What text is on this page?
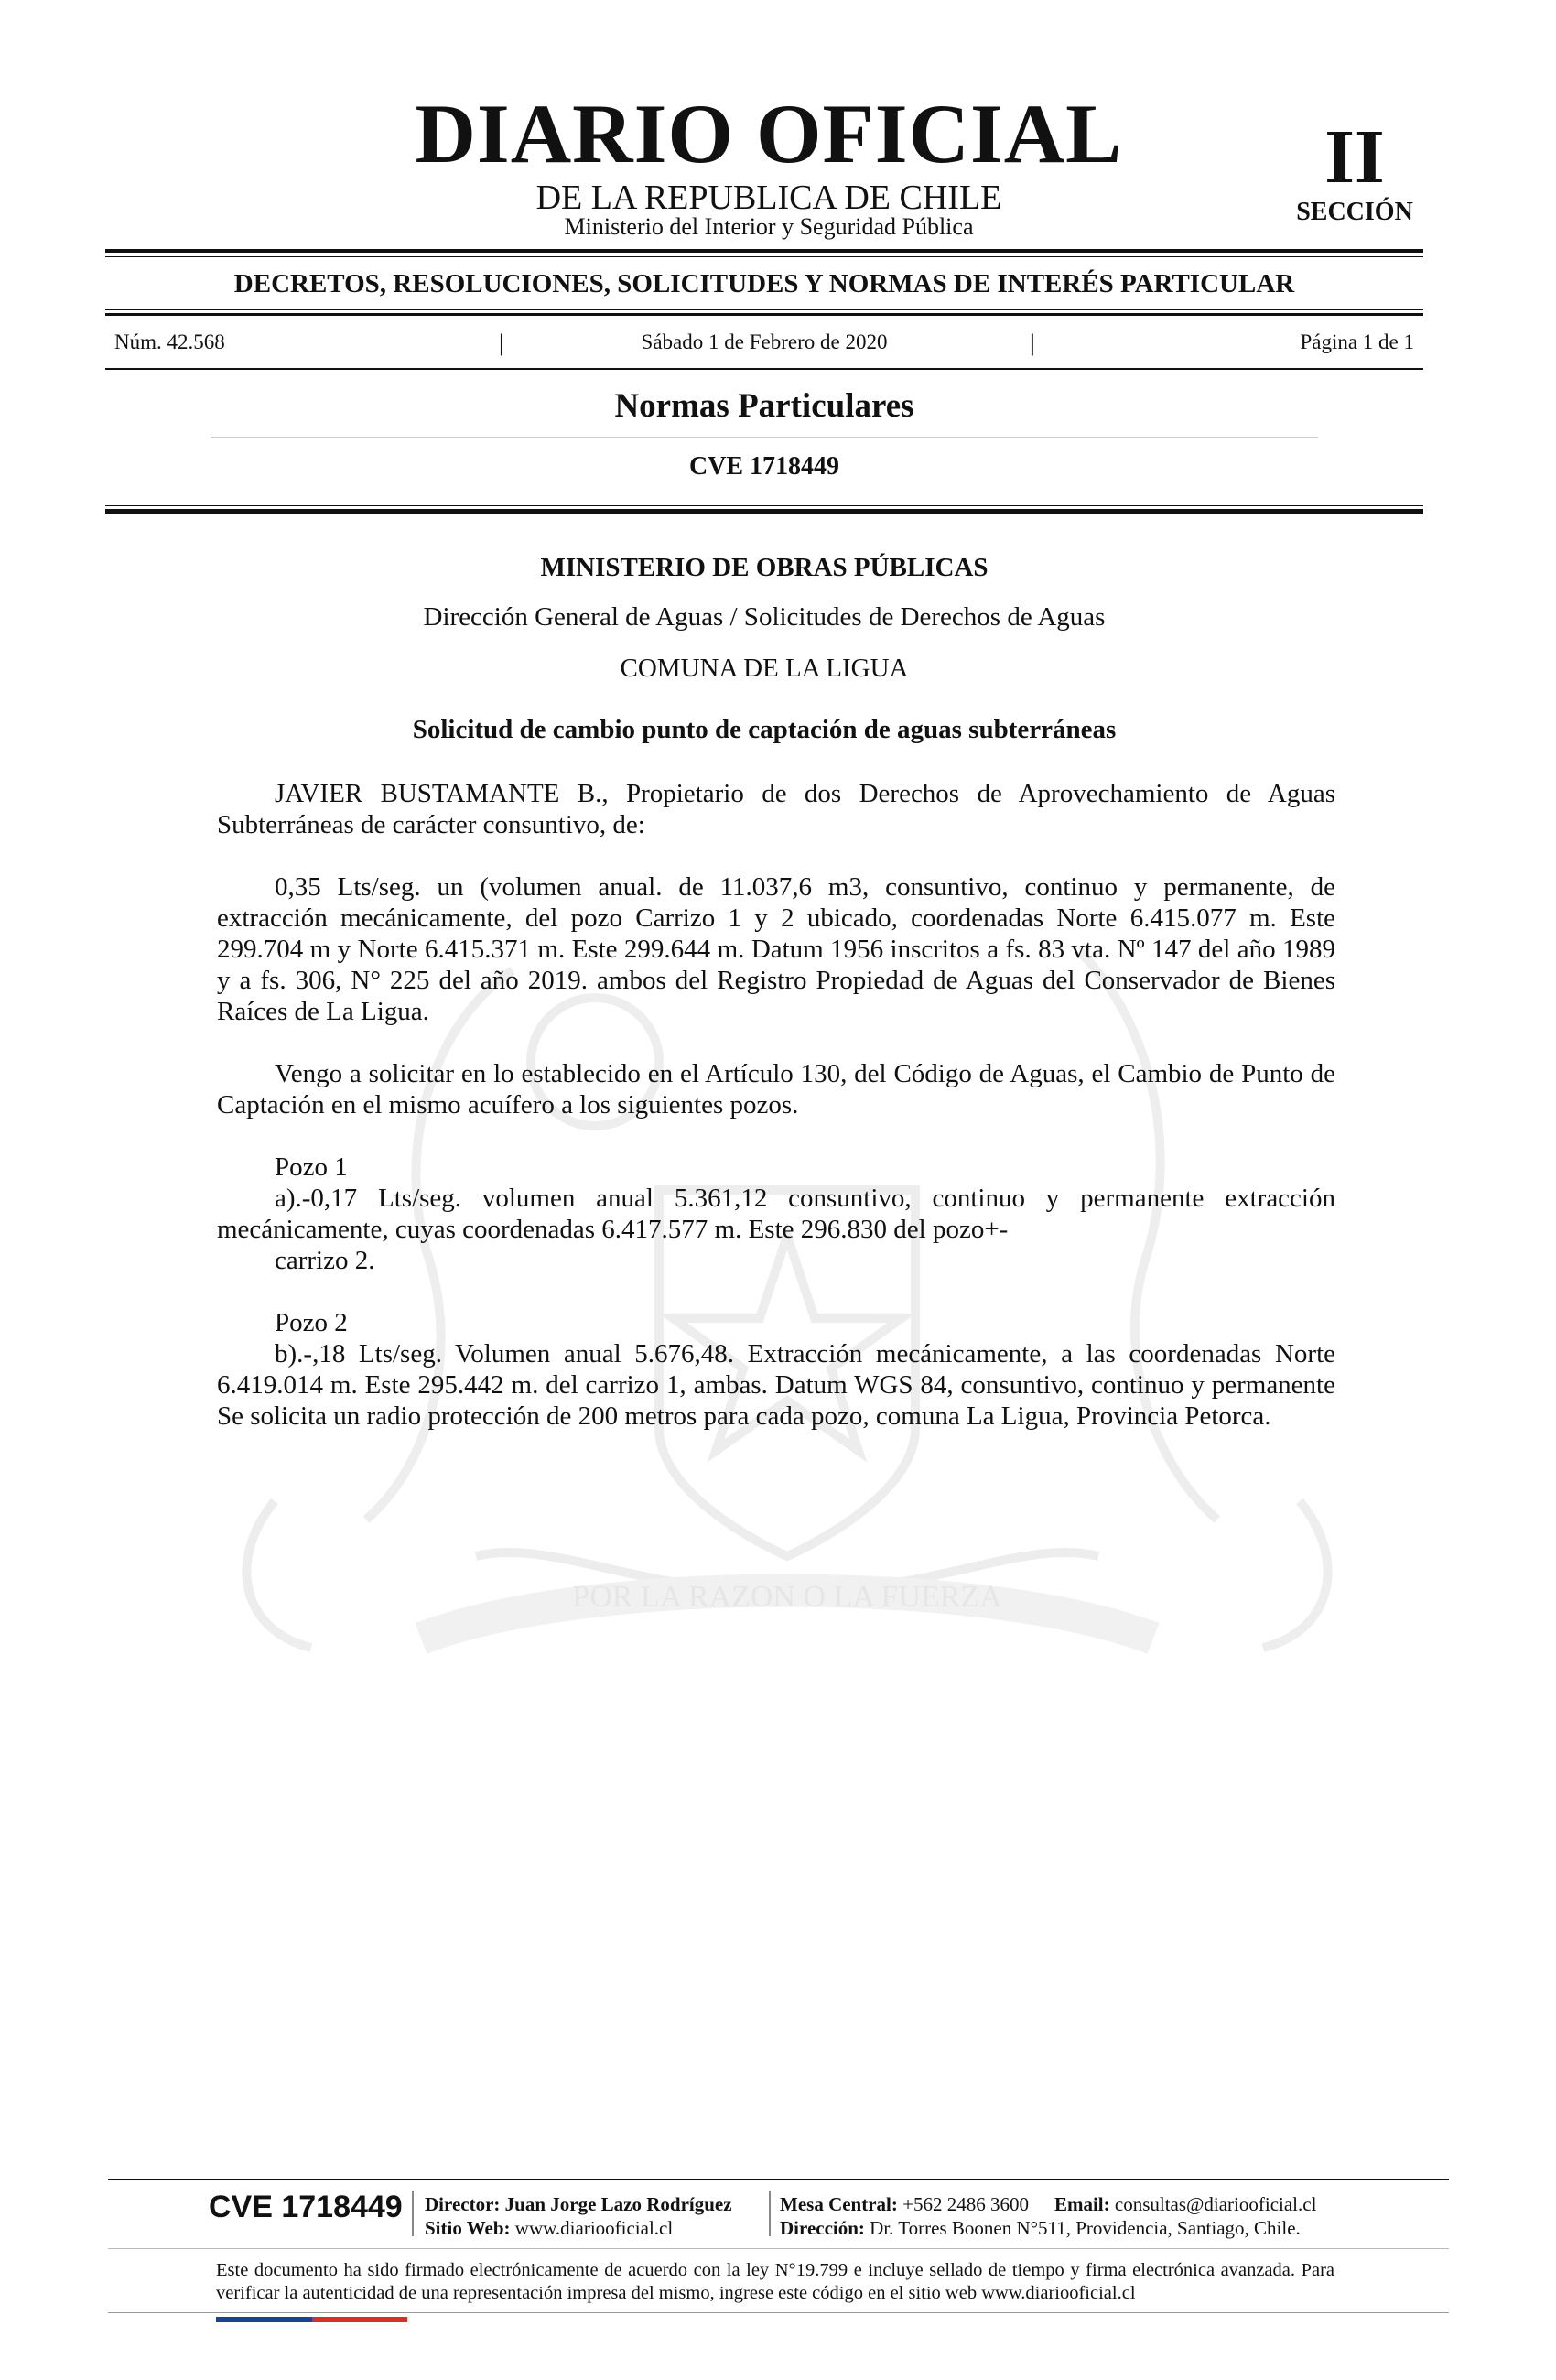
POR LA RAZON O LA FUERZA
DIARIO OFICIAL
DE LA REPUBLICA DE CHILE
Ministerio del Interior y Seguridad Pública
II
SECCIÓN
DECRETOS, RESOLUCIONES, SOLICITUDES Y NORMAS DE INTERÉS PARTICULAR
Núm. 42.568	|	Sábado 1 de Febrero de 2020	|	Página 1 de 1
Normas Particulares
CVE 1718449
MINISTERIO DE OBRAS PÚBLICAS
Dirección General de Aguas / Solicitudes de Derechos de Aguas
COMUNA DE LA LIGUA
Solicitud de cambio punto de captación de aguas subterráneas

JAVIER BUSTAMANTE B., Propietario de dos Derechos de Aprovechamiento de Aguas Subterráneas de carácter consuntivo, de:

0,35 Lts/seg. un (volumen anual. de 11.037,6 m3, consuntivo, continuo y permanente, de extracción mecánicamente, del pozo Carrizo 1 y 2 ubicado, coordenadas Norte 6.415.077 m. Este 299.704 m y Norte 6.415.371 m. Este 299.644 m. Datum 1956 inscritos a fs. 83 vta. Nº 147 del año 1989 y a fs. 306, N° 225 del año 2019. ambos del Registro Propiedad de Aguas del Conservador de Bienes Raíces de La Ligua.

Vengo a solicitar en lo establecido en el Artículo 130, del Código de Aguas, el Cambio de Punto de Captación en el mismo acuífero a los siguientes pozos.

Pozo 1

a).-0,17 Lts/seg. volumen anual 5.361,12 consuntivo, continuo y permanente extracción mecánicamente, cuyas coordenadas 6.417.577 m. Este 296.830 del pozo+-

carrizo 2.

Pozo 2

b).-,18 Lts/seg. Volumen anual 5.676,48. Extracción mecánicamente, a las coordenadas Norte 6.419.014 m. Este 295.442 m. del carrizo 1, ambas. Datum WGS 84, consuntivo, continuo y permanente Se solicita un radio protección de 200 metros para cada pozo, comuna La Ligua, Provincia Petorca.

CVE 1718449 Director: Juan Jorge Lazo Rodríguez
Sitio Web: www.diariooficial.cl
Mesa Central: +562 2486 3600 Email: consultas@diariooficial.cl
Dirección: Dr. Torres Boonen N°511, Providencia, Santiago, Chile.
Este documento ha sido firmado electrónicamente de acuerdo con la ley N°19.799 e incluye sellado de tiempo y firma electrónica avanzada. Para verificar la autenticidad de una representación impresa del mismo, ingrese este código en el sitio web www.diariooficial.cl
